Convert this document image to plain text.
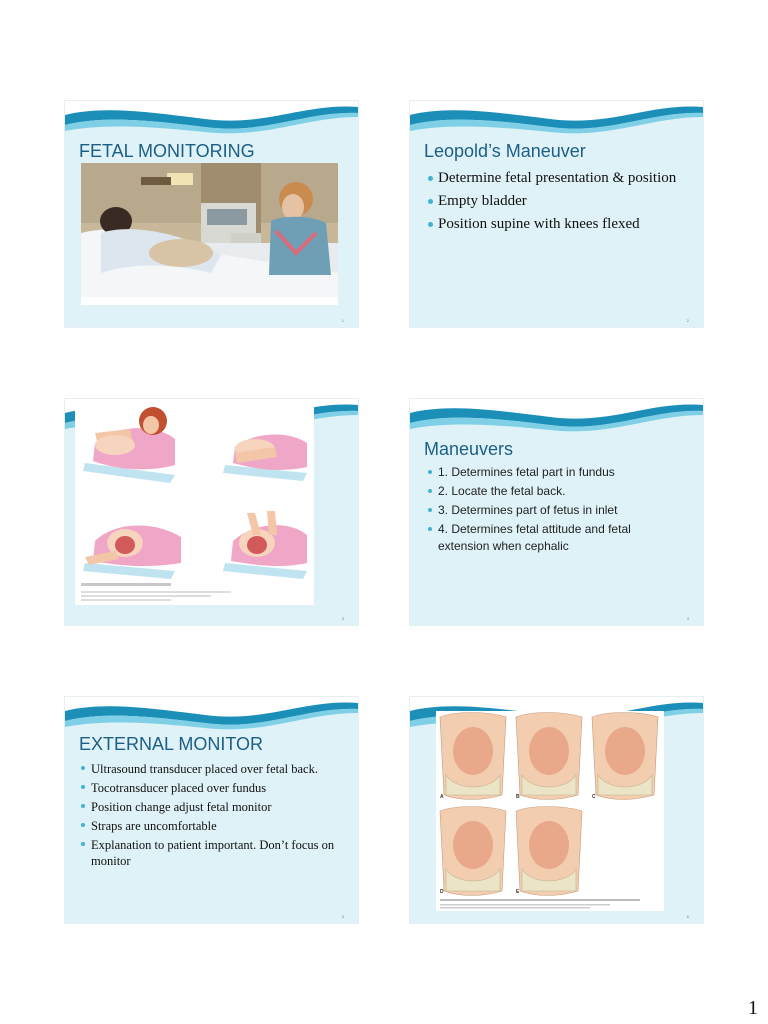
FETAL MONITORING
1
Leopold’s Maneuver
Determine fetal presentation & position
Empty bladder
Position supine with knees flexed
2
3
Maneuvers
1. Determines fetal part in fundus
2. Locate the fetal back.
3. Determines part of fetus in inlet
4. Determines fetal attitude and fetal extension when cephalic
4
EXTERNAL MONITOR
Ultrasound transducer placed over fetal back.
Tocotransducer placed over fundus
Position change adjust fetal monitor
Straps are uncomfortable
Explanation to patient important. Don’t focus on monitor
5
A	B	C
D	E
6
1
